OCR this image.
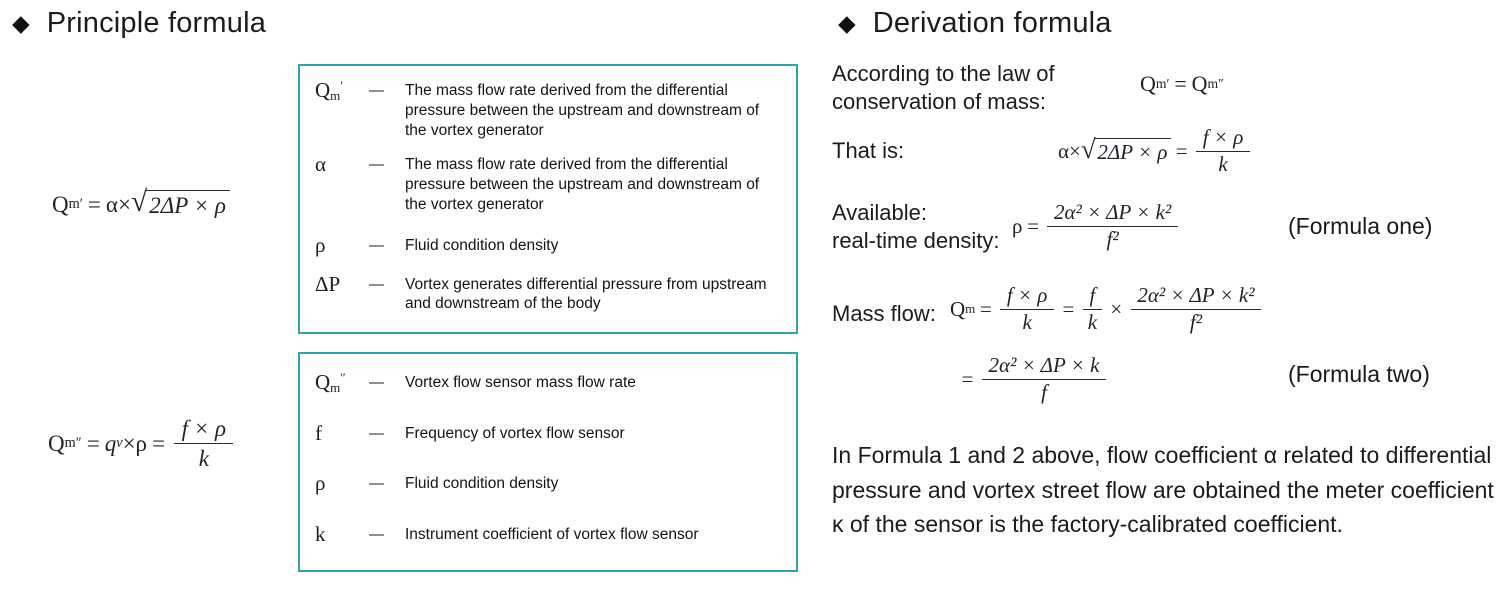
◆ Principle formula	◆ Derivation formula
Q m ′ = α× √ 2ΔP × ρ
$Q_m'$	—	The mass flow rate derived from the differential pressure between the upstream and downstream of the vortex generator
α	—	The mass flow rate derived from the differential pressure between the upstream and downstream of the vortex generator
ρ	—	Fluid condition density
ΔP	—	Vortex generates differential pressure from upstream and downstream of the body
Q m ″ = q $v \times\rho = \frac{f \times \rho}{k}$
$Q_m''$	—	Vortex flow sensor mass flow rate
f	—	Frequency of vortex flow sensor
ρ	—	Fluid condition density
k	—	Instrument coefficient of vortex flow sensor
According to the law of
conservation of mass:
Q m ′ = Q m ″
That is:	α× √ $2\Delta P \times \rho = \frac{f \times \rho}{k}$
Available:
real-time density:
$\rho = \frac{\text{2α² × ΔP × k²}}{\text{f²}}$	(Formula one)
Mass flow: Q $m = \frac{f \times \rho}{k} = \frac{f}{k} \times \frac{\text{2α² × ΔP × k²}}{\text{f²}}$
= $\frac{\text{2α² × ΔP × k}}{f}$	(Formula two)
In Formula 1 and 2 above, flow coefficient α related to differential pressure and vortex street flow are obtained the meter coefficient κ of the sensor is the factory-calibrated coefficient.
